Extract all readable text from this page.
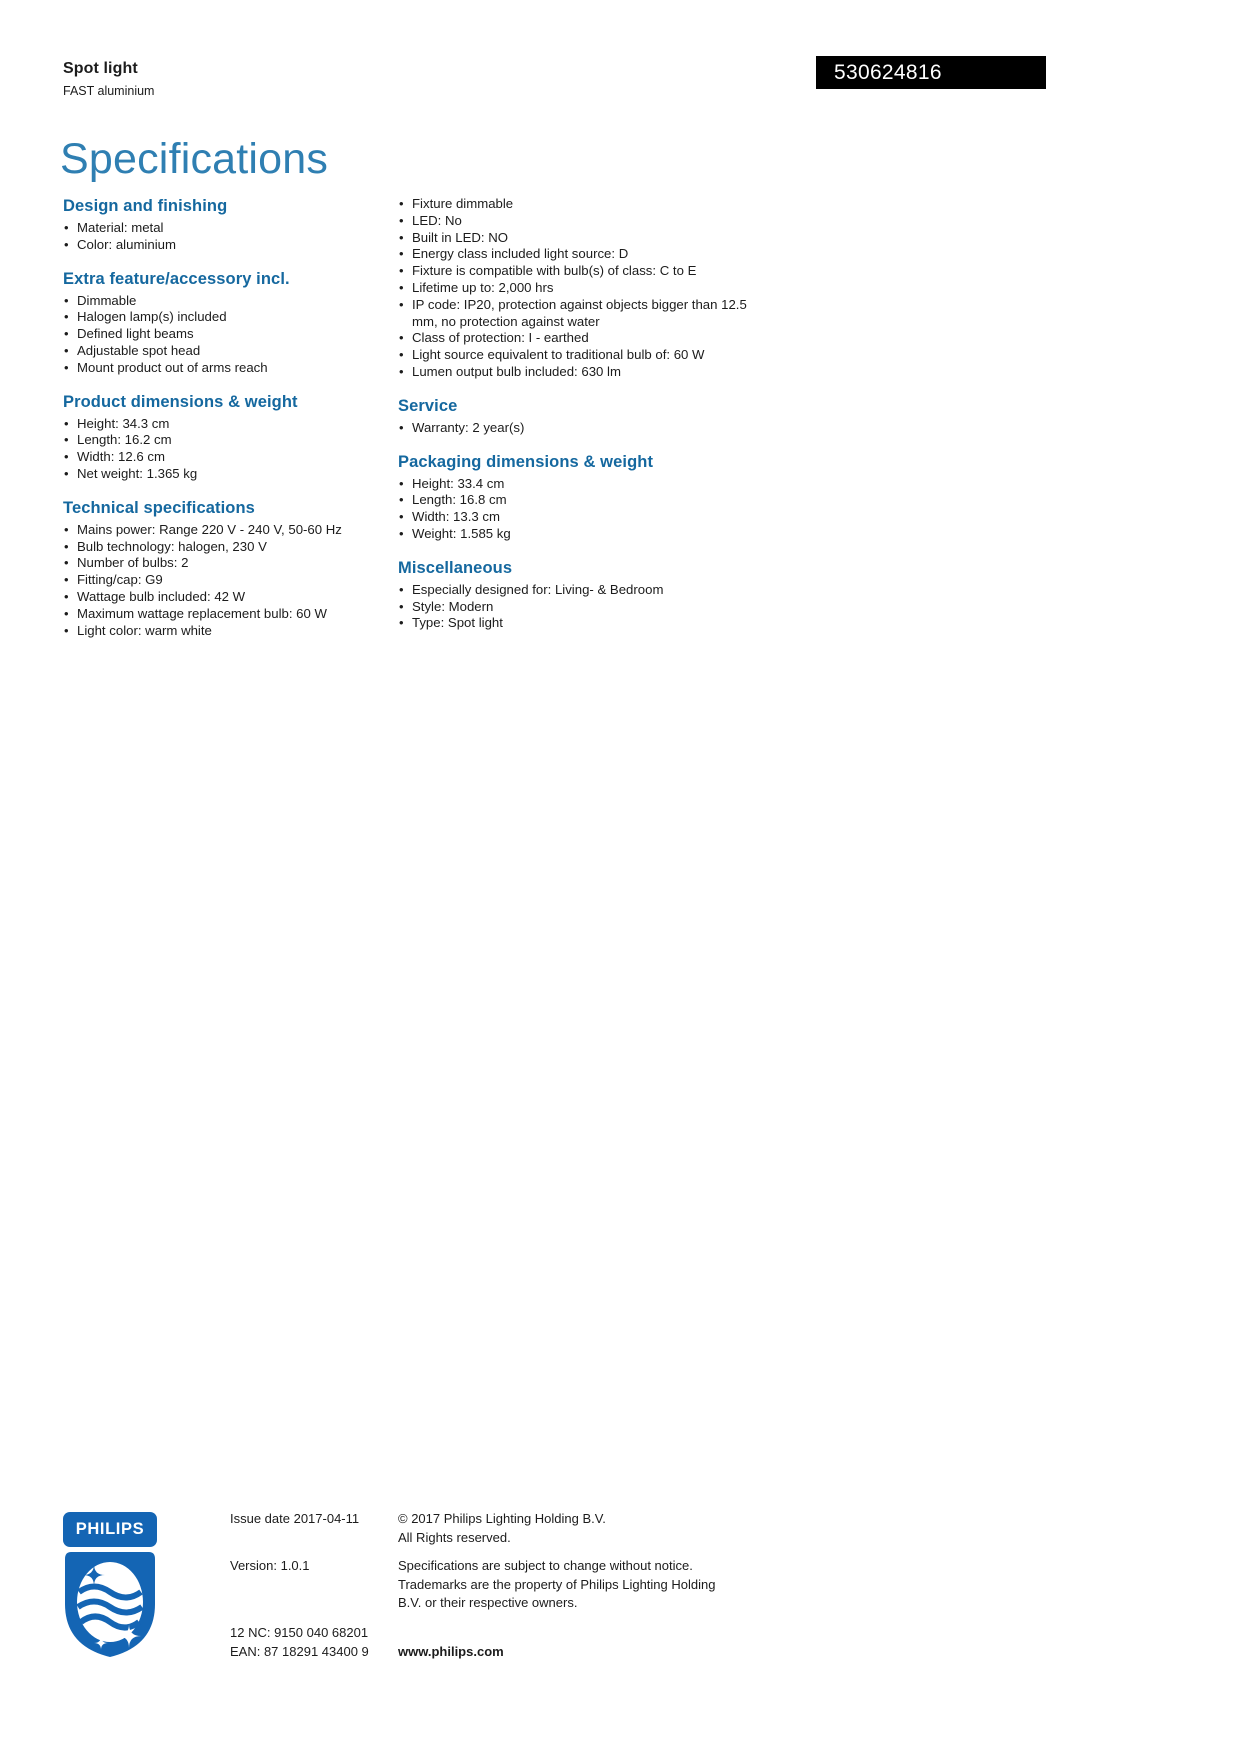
Spot light
FAST aluminium
530624816
Specifications
Design and finishing
• Material: metal
• Color: aluminium
Extra feature/accessory incl.
• Dimmable
• Halogen lamp(s) included
• Defined light beams
• Adjustable spot head
• Mount product out of arms reach
Product dimensions & weight
• Height: 34.3 cm
• Length: 16.2 cm
• Width: 12.6 cm
• Net weight: 1.365 kg
Technical specifications
• Mains power: Range 220 V - 240 V, 50-60 Hz
• Bulb technology: halogen, 230 V
• Number of bulbs: 2
• Fitting/cap: G9
• Wattage bulb included: 42 W
• Maximum wattage replacement bulb: 60 W
• Light color: warm white
• Fixture dimmable
• LED: No
• Built in LED: NO
• Energy class included light source: D
• Fixture is compatible with bulb(s) of class: C to E
• Lifetime up to: 2,000 hrs
• IP code: IP20, protection against objects bigger than 12.5 mm, no protection against water
• Class of protection: I - earthed
• Light source equivalent to traditional bulb of: 60 W
• Lumen output bulb included: 630 lm
Service
• Warranty: 2 year(s)
Packaging dimensions & weight
• Height: 33.4 cm
• Length: 16.8 cm
• Width: 13.3 cm
• Weight: 1.585 kg
Miscellaneous
• Especially designed for: Living- & Bedroom
• Style: Modern
• Type: Spot light
PHILIPS
Issue date 2017-04-11
Version: 1.0.1
12 NC: 9150 040 68201
EAN: 87 18291 43400 9
© 2017 Philips Lighting Holding B.V.
All Rights reserved.
Specifications are subject to change without notice. Trademarks are the property of Philips Lighting Holding B.V. or their respective owners.
www.philips.com
